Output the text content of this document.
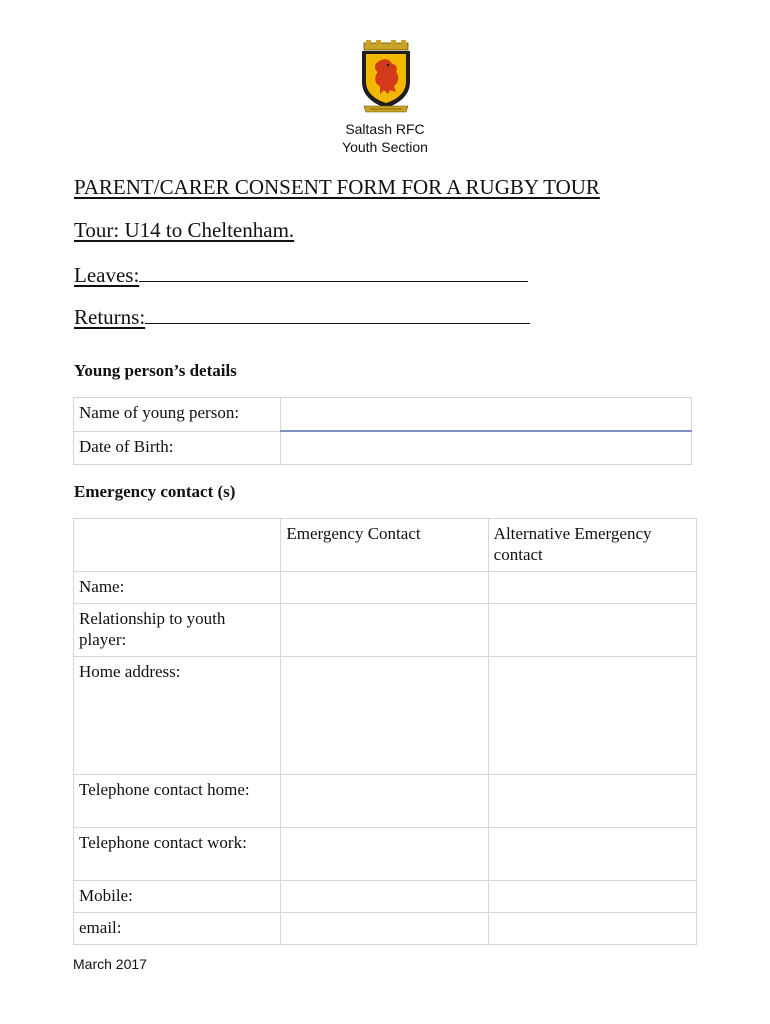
Saltash RFC
Youth Section
PARENT/CARER CONSENT FORM FOR A RUGBY TOUR
Tour: U14 to Cheltenham.
Leaves:
Returns:
Young person’s details
Name of young person:	
Date of Birth:	
Emergency contact (s)
	Emergency Contact	Alternative Emergency contact
Name:		
Relationship to youth player:		
Home address:		
Telephone contact home:		
Telephone contact work:		
Mobile:		
email:		
March 2017
